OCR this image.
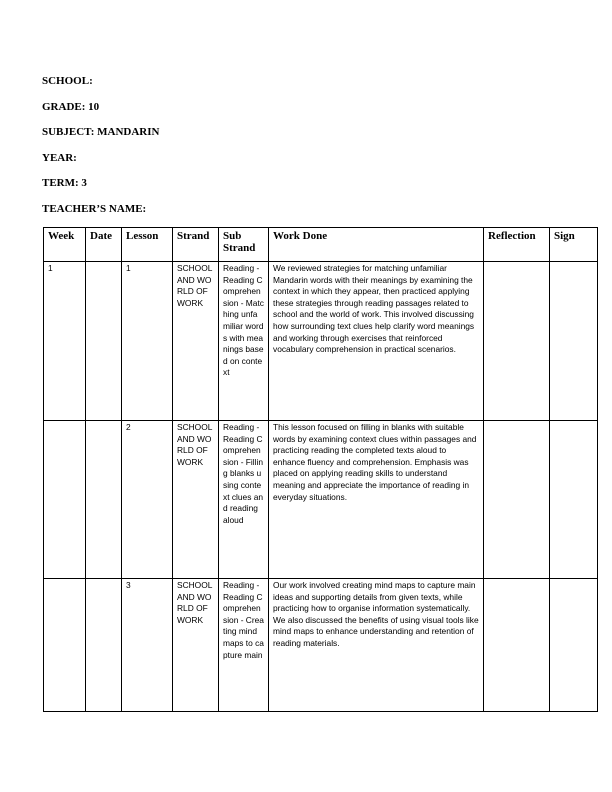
SCHOOL:
GRADE: 10
SUBJECT: MANDARIN
YEAR:
TERM: 3
TEACHER’S NAME:
Week	Date	Lesson	Strand	Sub Strand	Work Done	Reflection	Sign
1		1	SCHOOL AND WORLD OF WORK	Reading - Reading Comprehension - Matching unfamiliar words with meanings based on context	We reviewed strategies for matching unfamiliar Mandarin words with their meanings by examining the context in which they appear, then practiced applying these strategies through reading passages related to school and the world of work. This involved discussing how surrounding text clues help clarify word meanings and working through exercises that reinforced vocabulary comprehension in practical scenarios.		
		2	SCHOOL AND WORLD OF WORK	Reading - Reading Comprehension - Filling blanks using context clues and reading aloud	This lesson focused on filling in blanks with suitable words by examining context clues within passages and practicing reading the completed texts aloud to enhance fluency and comprehension. Emphasis was placed on applying reading skills to understand meaning and appreciate the importance of reading in everyday situations.		
		3	SCHOOL AND WORLD OF WORK	Reading - Reading Comprehension - Creating mind maps to capture main	Our work involved creating mind maps to capture main ideas and supporting details from given texts, while practicing how to organise information systematically. We also discussed the benefits of using visual tools like mind maps to enhance understanding and retention of reading materials.		
